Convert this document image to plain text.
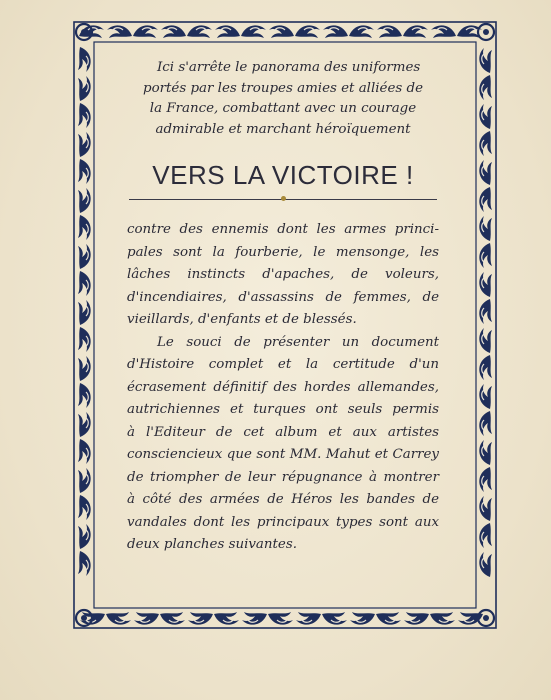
Ici s'arrête le panorama des uniformes
portés par les troupes amies et alliées de
la France, combattant avec un courage
admirable et marchant héroïquement

VERS LA VICTOIRE !
contre des ennemis dont les armes princi-
pales sont la fourberie, le mensonge, les
lâches instincts d'apaches, de voleurs,
d'incendiaires, d'assassins de femmes, de
vieillards, d'enfants et de blessés.
Le souci de présenter un document
d'Histoire complet et la certitude d'un
écrasement définitif des hordes allemandes,
autrichiennes et turques ont seuls permis
à l'Editeur de cet album et aux artistes
consciencieux que sont MM. Mahut et Carrey
de triompher de leur répugnance à montrer
à côté des armées de Héros les bandes de
vandales dont les principaux types sont aux
deux planches suivantes.
